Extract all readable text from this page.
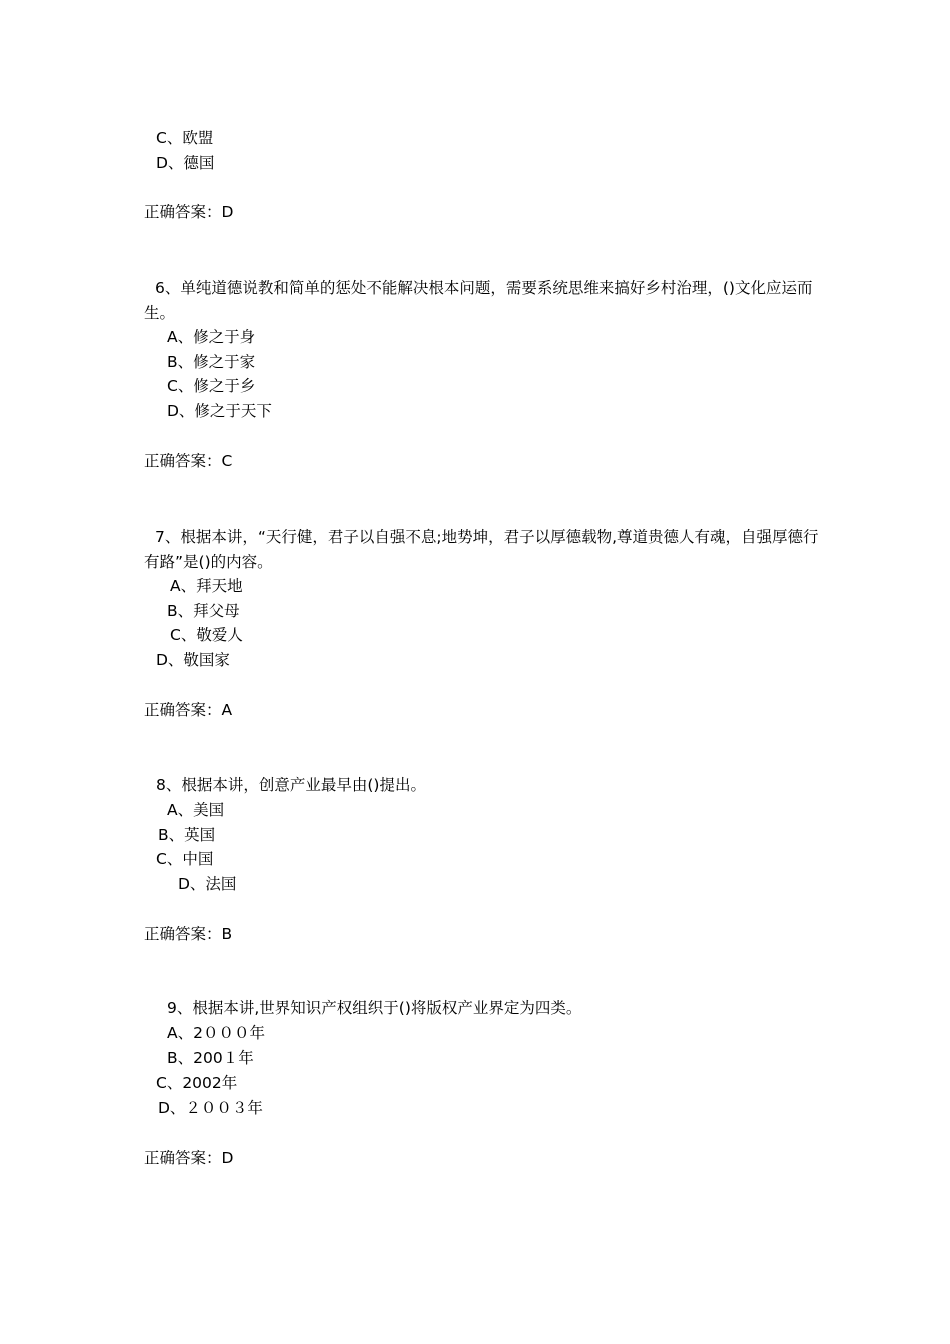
C、欧盟
D、德国
正确答案：D
6、单纯道德说教和简单的惩处不能解决根本问题，需要系统思维来搞好乡村治理，()文化应运而生。
A、修之于身
B、修之于家
C、修之于乡
D、修之于天下
正确答案：C
7、根据本讲，“天行健，君子以自强不息;地势坤，君子以厚德载物,尊道贵德人有魂，自强厚德行有路”是()的内容。
A、拜天地
B、拜父母
C、敬爱人
D、敬国家
正确答案：A
8、根据本讲，创意产业最早由()提出。
A、美国
B、英国
C、中国
D、法国
正确答案：B
9、根据本讲,世界知识产权组织于()将版权产业界定为四类。
A、2０００年
B、200１年
C、2002年
D、２００３年
正确答案：D
